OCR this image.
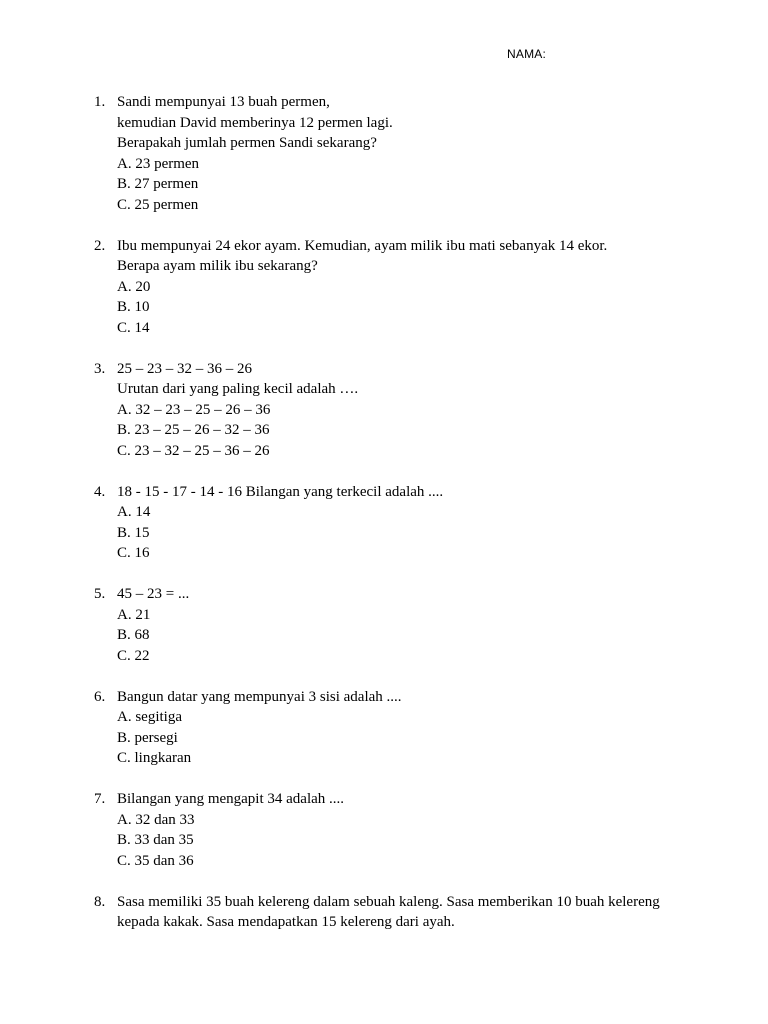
NAMA:
1. Sandi mempunyai 13 buah permen,
kemudian David memberinya 12 permen lagi.
Berapakah jumlah permen Sandi sekarang?
A. 23 permen
B. 27 permen
C. 25 permen
2. Ibu mempunyai 24 ekor ayam. Kemudian, ayam milik ibu mati sebanyak 14 ekor.
Berapa ayam milik ibu sekarang?
A. 20
B. 10
C. 14
3. 25 – 23 – 32 – 36 – 26
Urutan dari yang paling kecil adalah ….
A. 32 – 23 – 25 – 26 – 36
B. 23 – 25 – 26 – 32 – 36
C. 23 – 32 – 25 – 36 – 26
4. 18 - 15 - 17 - 14 - 16 Bilangan yang terkecil adalah ....
A. 14
B. 15
C. 16
5. 45 – 23 = ...
A. 21
B. 68
C. 22
6. Bangun datar yang mempunyai 3 sisi adalah ....
A. segitiga
B. persegi
C. lingkaran
7. Bilangan yang mengapit 34 adalah ....
A. 32 dan 33
B. 33 dan 35
C. 35 dan 36
8. Sasa memiliki 35 buah kelereng dalam sebuah kaleng. Sasa memberikan 10 buah kelereng
kepada kakak. Sasa mendapatkan 15 kelereng dari ayah.
